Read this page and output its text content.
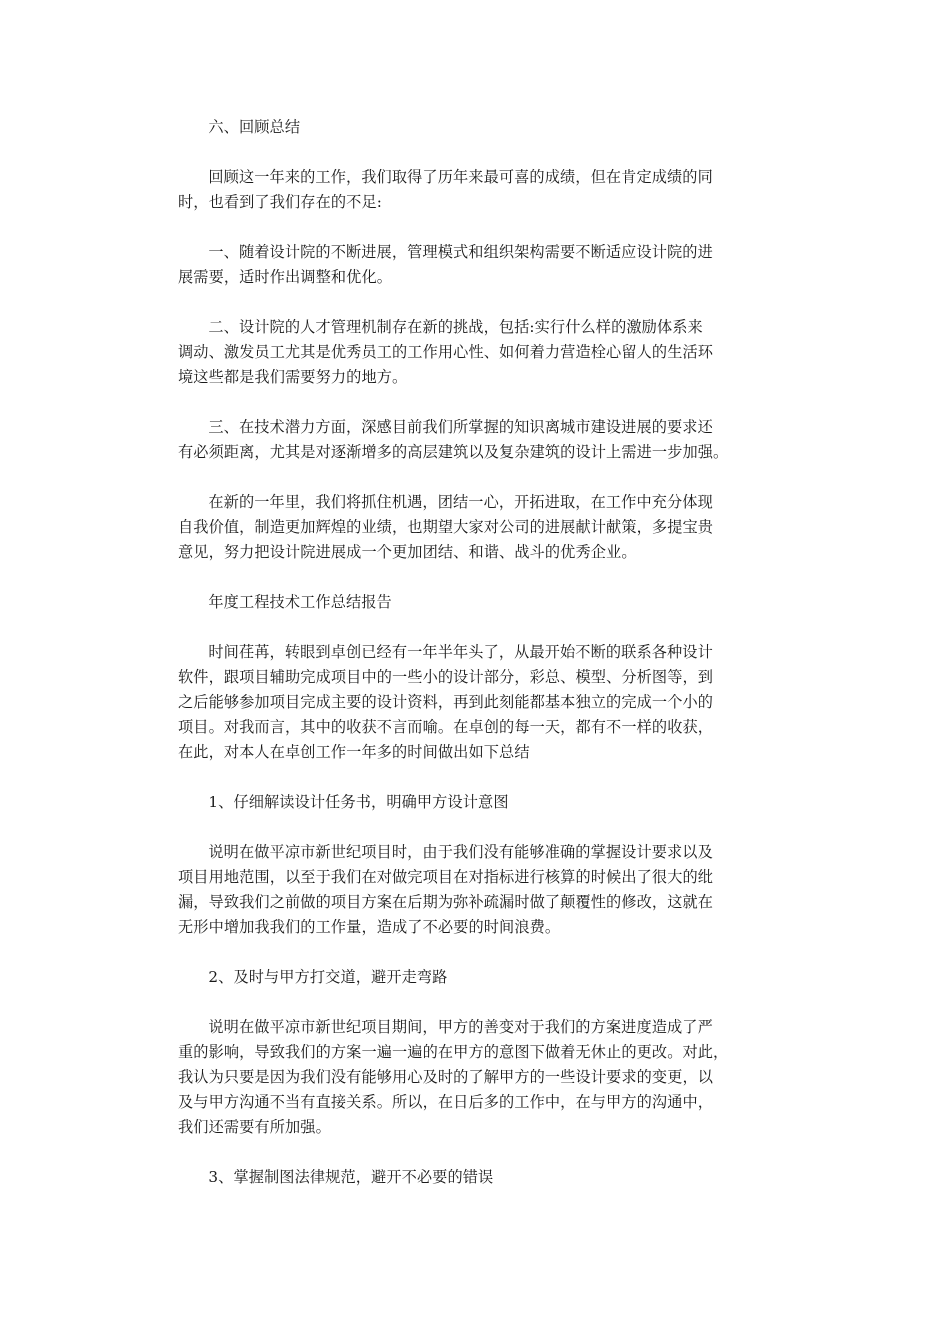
六、回顾总结
回顾这一年来的工作，我们取得了历年来最可喜的成绩，但在肯定成绩的同
时，也看到了我们存在的不足:
一、随着设计院的不断进展，管理模式和组织架构需要不断适应设计院的进
展需要，适时作出调整和优化。
二、设计院的人才管理机制存在新的挑战，包括:实行什么样的激励体系来
调动、激发员工尤其是优秀员工的工作用心性、如何着力营造栓心留人的生活环
境这些都是我们需要努力的地方。
三、在技术潜力方面，深感目前我们所掌握的知识离城市建设进展的要求还
有必须距离，尤其是对逐渐增多的高层建筑以及复杂建筑的设计上需进一步加强。
在新的一年里，我们将抓住机遇，团结一心，开拓进取，在工作中充分体现
自我价值，制造更加辉煌的业绩，也期望大家对公司的进展献计献策，多提宝贵
意见，努力把设计院进展成一个更加团结、和谐、战斗的优秀企业。
年度工程技术工作总结报告
时间荏苒，转眼到卓创已经有一年半年头了，从最开始不断的联系各种设计
软件，跟项目辅助完成项目中的一些小的设计部分，彩总、模型、分析图等，到
之后能够参加项目完成主要的设计资料，再到此刻能都基本独立的完成一个小的
项目。对我而言，其中的收获不言而喻。在卓创的每一天，都有不一样的收获，
在此，对本人在卓创工作一年多的时间做出如下总结
1、仔细解读设计任务书，明确甲方设计意图
说明在做平凉市新世纪项目时，由于我们没有能够准确的掌握设计要求以及
项目用地范围，以至于我们在对做完项目在对指标进行核算的时候出了很大的纰
漏，导致我们之前做的项目方案在后期为弥补疏漏时做了颠覆性的修改，这就在
无形中增加我我们的工作量，造成了不必要的时间浪费。
2、及时与甲方打交道，避开走弯路
说明在做平凉市新世纪项目期间，甲方的善变对于我们的方案进度造成了严
重的影响，导致我们的方案一遍一遍的在甲方的意图下做着无休止的更改。对此，
我认为只要是因为我们没有能够用心及时的了解甲方的一些设计要求的变更，以
及与甲方沟通不当有直接关系。所以，在日后多的工作中，在与甲方的沟通中，
我们还需要有所加强。
3、掌握制图法律规范，避开不必要的错误
